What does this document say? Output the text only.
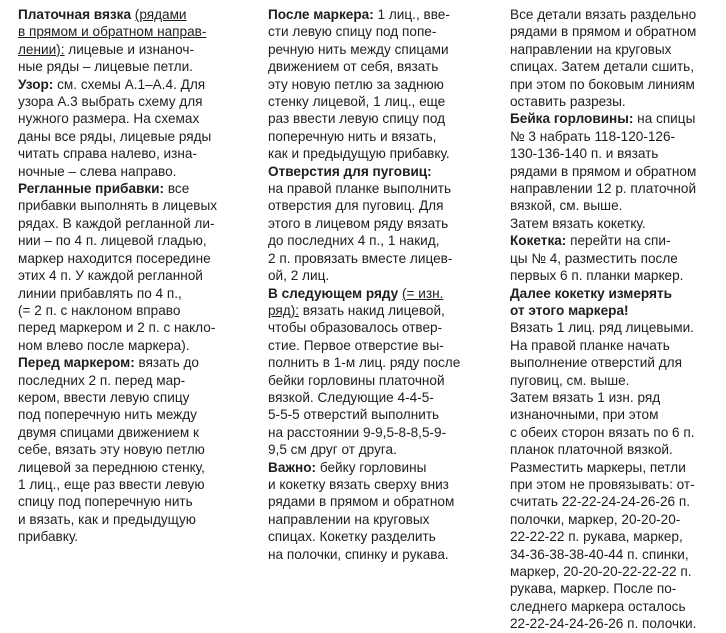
Платочная вязка (рядами
в прямом и обратном направ-
лении): лицевые и изнаноч-
ные ряды – лицевые петли.
Узор: см. схемы А.1–А.4. Для
узора А.3 выбрать схему для
нужного размера. На схемах
даны все ряды, лицевые ряды
читать справа налево, изна-
ночные – слева направо.
Регланные прибавки: все
прибавки выполнять в лицевых
рядах. В каждой регланной ли-
нии – по 4 п. лицевой гладью,
маркер находится посередине
этих 4 п. У каждой регланной
линии прибавлять по 4 п.,
(= 2 п. с наклоном вправо
перед маркером и 2 п. с накло-
ном влево после маркера).
Перед маркером: вязать до
последних 2 п. перед мар-
кером, ввести левую спицу
под поперечную нить между
двумя спицами движением к
себе, вязать эту новую петлю
лицевой за переднюю стенку,
1 лиц., еще раз ввести левую
спицу под поперечную нить
и вязать, как и предыдущую
прибавку.
После маркера: 1 лиц., вве-
сти левую спицу под попе-
речную нить между спицами
движением от себя, вязать
эту новую петлю за заднюю
стенку лицевой, 1 лиц., еще
раз ввести левую спицу под
поперечную нить и вязать,
как и предыдущую прибавку.
Отверстия для пуговиц:
на правой планке выполнить
отверстия для пуговиц. Для
этого в лицевом ряду вязать
до последних 4 п., 1 накид,
2 п. провязать вместе лицев-
ой, 2 лиц.
В следующем ряду (= изн.
ряд): вязать накид лицевой,
чтобы образовалось отвер-
стие. Первое отверстие вы-
полнить в 1-м лиц. ряду после
бейки горловины платочной
вязкой. Следующие 4-4-5-
5-5-5 отверстий выполнить
на расстоянии 9-9,5-8-8,5-9-
9,5 см друг от друга.
Важно: бейку горловины
и кокетку вязать сверху вниз
рядами в прямом и обратном
направлении на круговых
спицах. Кокетку разделить
на полочки, спинку и рукава.
Все детали вязать раздельно
рядами в прямом и обратном
направлении на круговых
спицах. Затем детали сшить,
при этом по боковым линиям
оставить разрезы.
Бейка горловины: на спицы
№ 3 набрать 118-120-126-
130-136-140 п. и вязать
рядами в прямом и обратном
направлении 12 р. платочной
вязкой, см. выше.
Затем вязать кокетку.
Кокетка: перейти на спи-
цы № 4, разместить после
первых 6 п. планки маркер.
Далее кокетку измерять
от этого маркера!
Вязать 1 лиц. ряд лицевыми.
На правой планке начать
выполнение отверстий для
пуговиц, см. выше.
Затем вязать 1 изн. ряд
изнаночными, при этом
с обеих сторон вязать по 6 п.
планок платочной вязкой.
Разместить маркеры, петли
при этом не провязывать: от-
считать 22-22-24-24-26-26 п.
полочки, маркер, 20-20-20-
22-22-22 п. рукава, маркер,
34-36-38-38-40-44 п. спинки,
маркер, 20-20-20-22-22-22 п.
рукава, маркер. После по-
следнего маркера осталось
22-22-24-24-26-26 п. полочки.
